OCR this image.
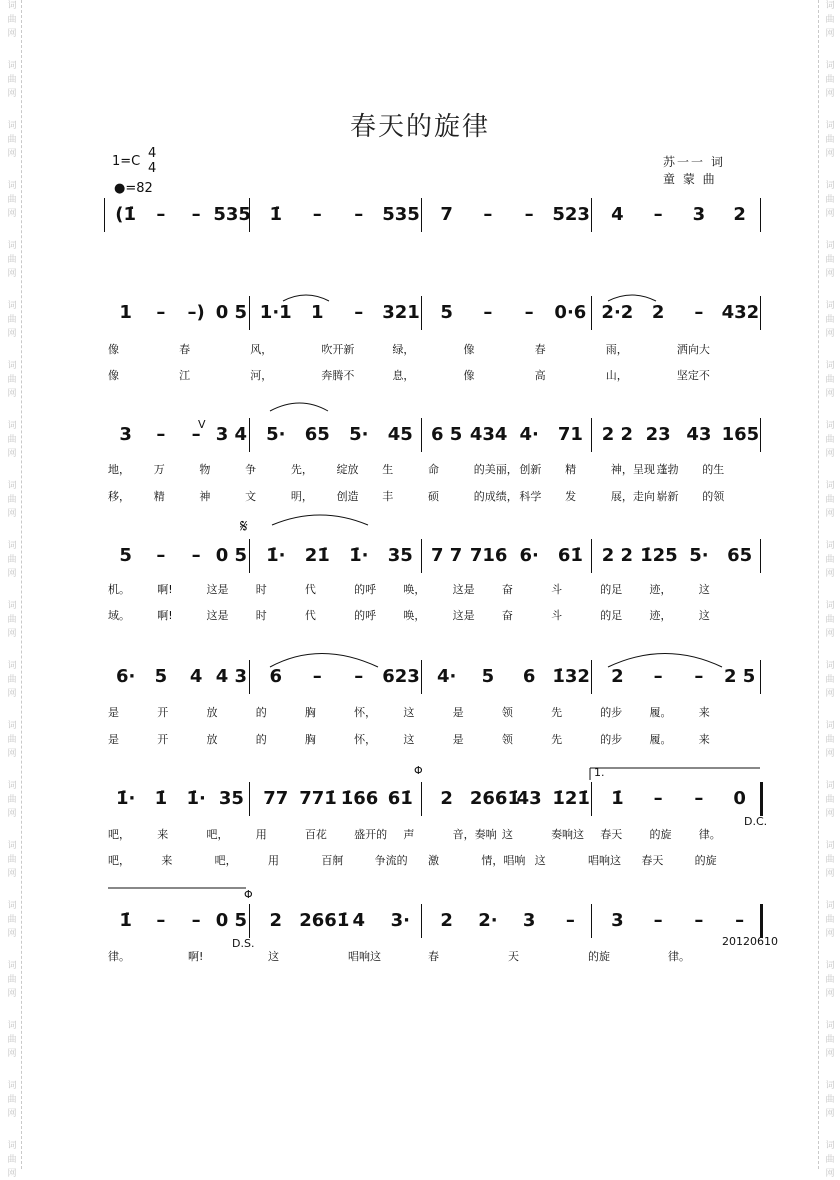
词
曲
网
词
曲
网
词
曲
网
词
曲
网
词
曲
网
词
曲
网
词
曲
网
词
曲
网
词
曲
网
词
曲
网
词
曲
网
词
曲
网
词
曲
网
词
曲
网
词
曲
网
词
曲
网
词
曲
网
词
曲
网
词
曲
网
词
曲
网
词
曲
网
词
曲
网
词
曲
网
词
曲
网
词
曲
网
词
曲
网
词
曲
网
词
曲
网
词
曲
网
词
曲
网
词
曲
网
词
曲
网
词
曲
网
词
曲
网
词
曲
网
词
曲
网
词
曲
网
词
曲
网
词
曲
网
词
曲
网
春天的旋律
1=C
4
4
●=82
苏一一 词
童 蒙 曲
(1̇	–	– 535	1̇	–	–	535	7	–	–	523	4	–	3	2
1	–	–) 0 5 1·1	1	–	321	5	–	–	0·6 2·2	2	–	432
像	春	风，	吹开新	绿，	像	春	雨，	洒向大
像	江	河，	奔腾不	息，	像	高	山，	坚定不
3	–	– 3 4	5·	65	5·	45	6 5 434 4·	71	2 2 23 43 165
地， 万	物	争	先， 绽放 生	命	的美丽， 创新 精	神，呈现 蓬勃 的生
移， 精	神	文	明， 创造 丰	硕	的成绩， 科学 发	展，走向 崭新 的领
5	–	– 0 5	1̇·	21̇	1̇·	35	7 7 716 6·	61̇	2 2 1̇25 5·	65
机。 啊!	这是 时	代	的呼 唤， 这是 奋	斗	的足 迹， 这
域。 啊!	这是 时	代	的呼 唤， 这是 奋	斗	的足 迹， 这
6·	5	4 4 3	6	–	–	623 4·	5	6 1̇32	2	–	–	2 5
是	开	放	的	胸	怀， 这	是	领	先	的步 履。 来
是	开	放	的	胸	怀， 这	是	领	先	的步 履。 来
1̇·	1̇	1̇· 35	77 771̇ 1̇66 61̇	2 2661̇
43 1̇21̇	1̇	–	–	0
吧， 来	吧， 用	百花 盛开的 声	音，奏响 这	奏响这 春天 的旋 律。
吧，	来	吧，	用	百舸	争流的 激	情，唱响 这	唱响这 春天	的旋
1̇	–	– 0 5	2 2661̇ 4	3·	2	2·	3	–	3	–	–	–
律。	啊!	这	唱响这	春	天	的旋	律。
V
𝄋
Φ
Φ
1.
D.C.
D.S.	20120610
